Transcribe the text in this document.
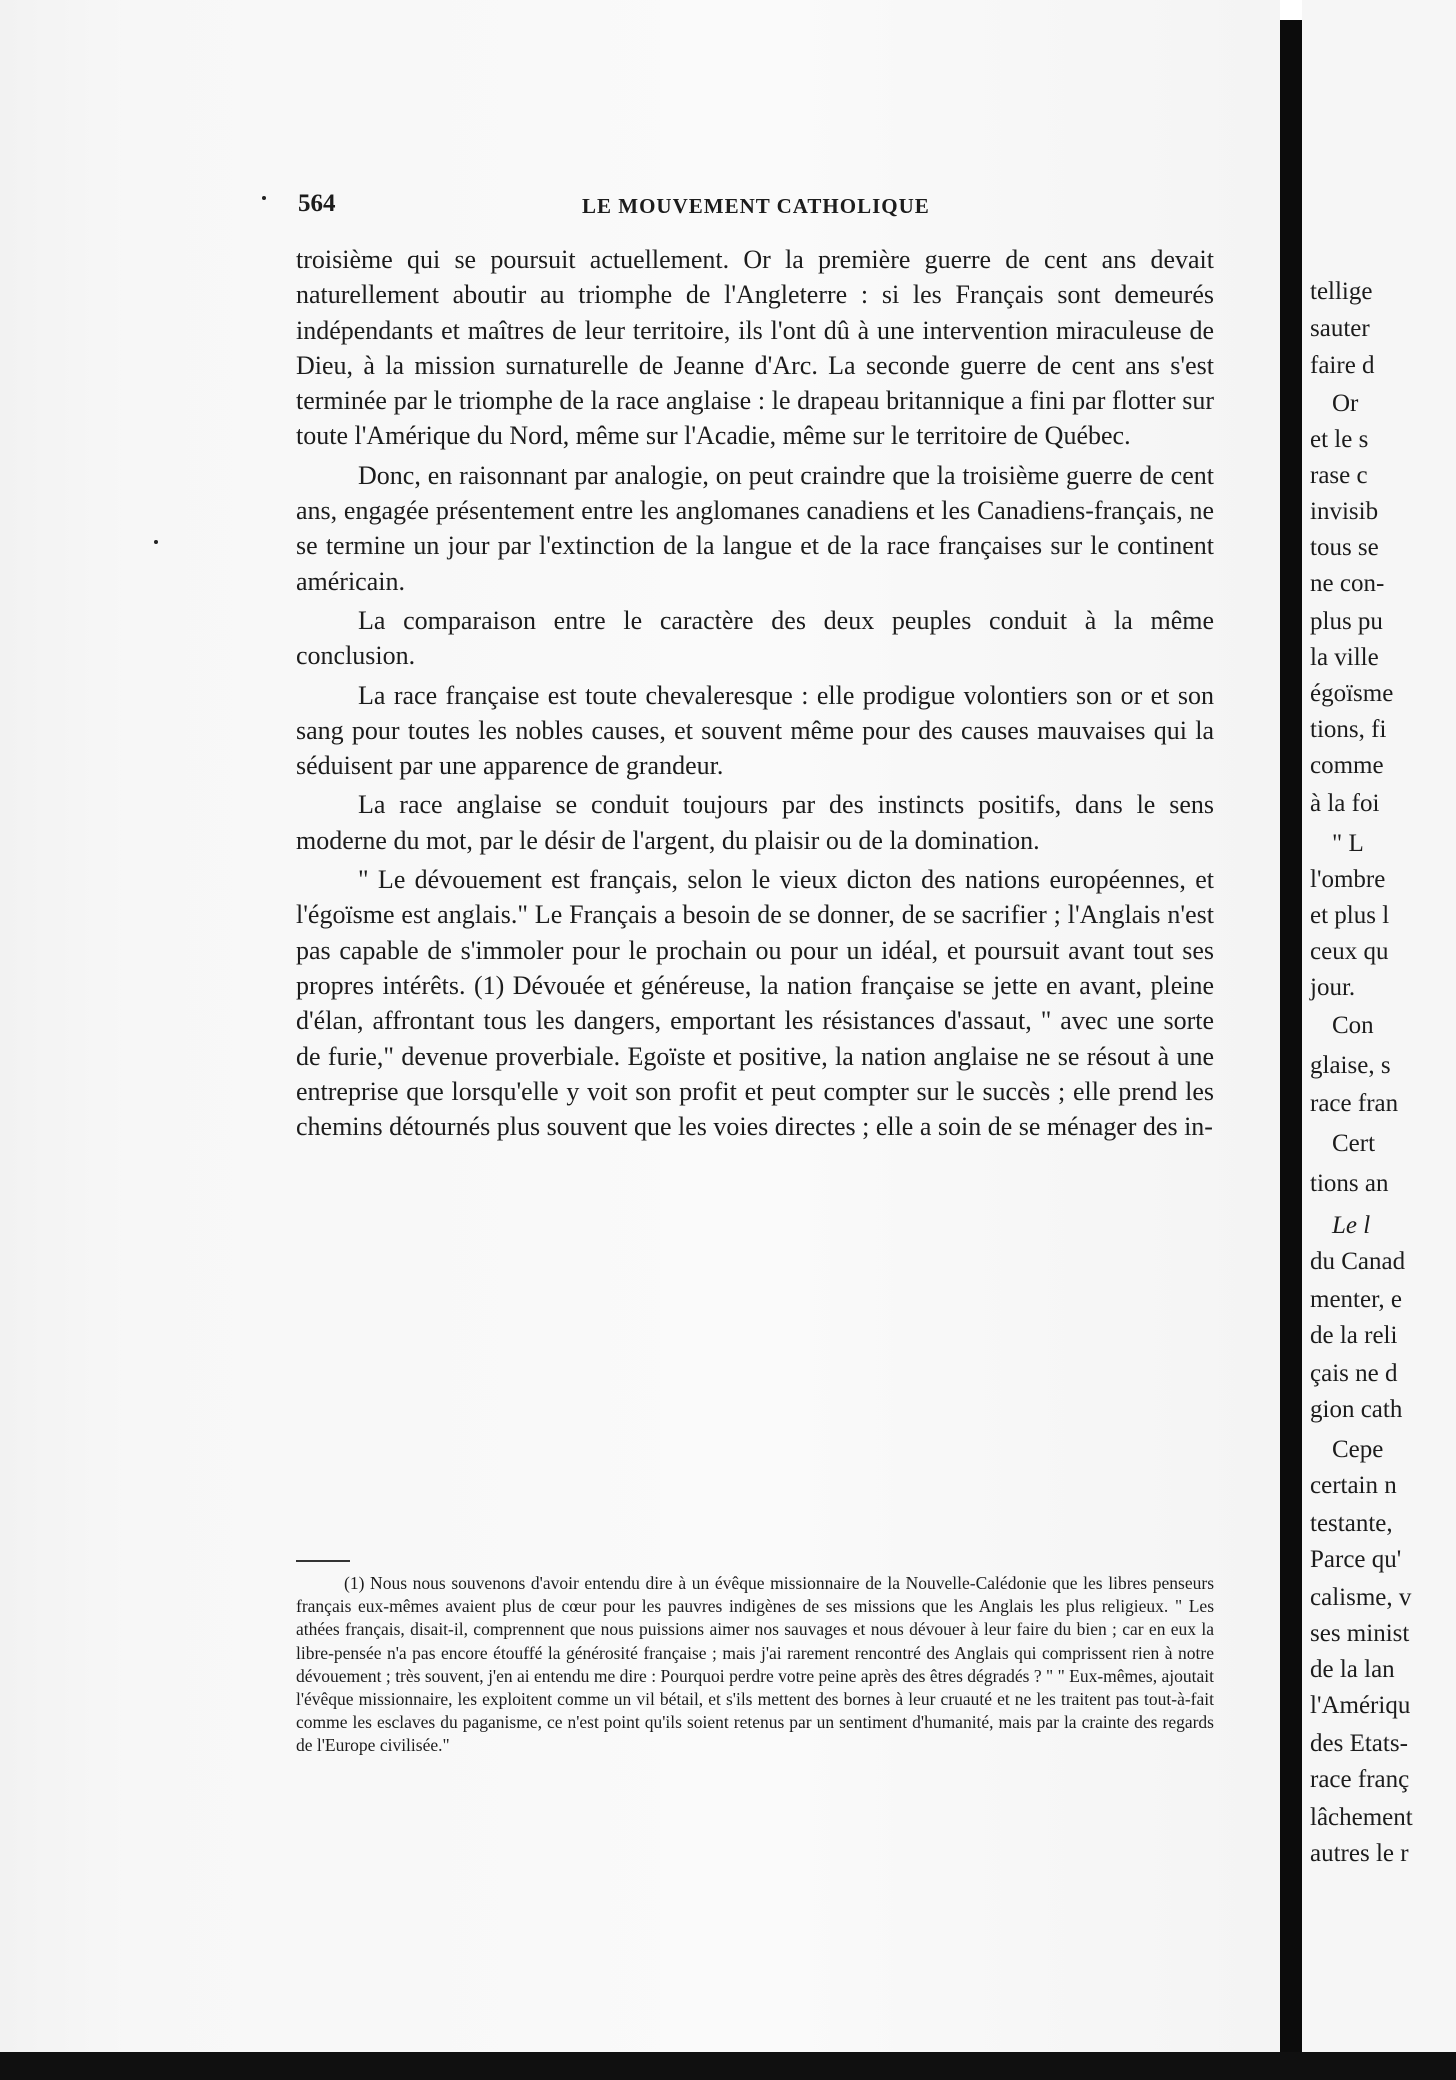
564	LE MOUVEMENT CATHOLIQUE

troisième qui se poursuit actuellement. Or la première guerre de cent ans devait naturellement aboutir au triomphe de l'Angleterre : si les Français sont demeurés indépendants et maîtres de leur territoire, ils l'ont dû à une intervention miraculeuse de Dieu, à la mission surnaturelle de Jeanne d'Arc. La seconde guerre de cent ans s'est terminée par le triomphe de la race anglaise : le drapeau britannique a fini par flotter sur toute l'Amérique du Nord, même sur l'Acadie, même sur le territoire de Québec.

Donc, en raisonnant par analogie, on peut craindre que la troisième guerre de cent ans, engagée présentement entre les anglomanes canadiens et les Canadiens-français, ne se termine un jour par l'extinction de la langue et de la race françaises sur le continent américain.

La comparaison entre le caractère des deux peuples conduit à la même conclusion.

La race française est toute chevaleresque : elle prodigue volontiers son or et son sang pour toutes les nobles causes, et souvent même pour des causes mauvaises qui la séduisent par une apparence de grandeur.

La race anglaise se conduit toujours par des instincts positifs, dans le sens moderne du mot, par le désir de l'argent, du plaisir ou de la domination.

" Le dévouement est français, selon le vieux dicton des nations européennes, et l'égoïsme est anglais." Le Français a besoin de se donner, de se sacrifier ; l'Anglais n'est pas capable de s'immoler pour le prochain ou pour un idéal, et poursuit avant tout ses propres intérêts. (1) Dévouée et généreuse, la nation française se jette en avant, pleine d'élan, affrontant tous les dangers, emportant les résistances d'assaut, " avec une sorte de furie," devenue proverbiale. Egoïste et positive, la nation anglaise ne se résout à une entreprise que lorsqu'elle y voit son profit et peut compter sur le succès ; elle prend les chemins détournés plus souvent que les voies directes ; elle a soin de se ménager des in-

(1) Nous nous souvenons d'avoir entendu dire à un évêque missionnaire de la Nouvelle-Calédonie que les libres penseurs français eux-mêmes avaient plus de cœur pour les pauvres indigènes de ses missions que les Anglais les plus religieux. " Les athées français, disait-il, comprennent que nous puissions aimer nos sauvages et nous dévouer à leur faire du bien ; car en eux la libre-pensée n'a pas encore étouffé la générosité française ; mais j'ai rarement rencontré des Anglais qui comprissent rien à notre dévouement ; très souvent, j'en ai entendu me dire : Pourquoi perdre votre peine après des êtres dégradés ? " " Eux-mêmes, ajoutait l'évêque missionnaire, les exploitent comme un vil bétail, et s'ils mettent des bornes à leur cruauté et ne les traitent pas tout-à-fait comme les esclaves du paganisme, ce n'est point qu'ils soient retenus par un sentiment d'humanité, mais par la crainte des regards de l'Europe civilisée."

tellige
sauter
faire d
Or
et le s
rase c
invisib
tous se
ne con-
plus pu
la ville
égoïsme
tions, fi
comme
à la foi
" L
l'ombre
et plus l
ceux qu
jour.
Con
glaise, s
race fran
Cert
tions an
Le l
du Canad
menter, e
de la reli
çais ne d
gion cath
Cepe
certain n
testante,
Parce qu'
calisme, v
ses minist
de la lan
l'Amériqu
des Etats-
race franç
lâchement
autres le r
